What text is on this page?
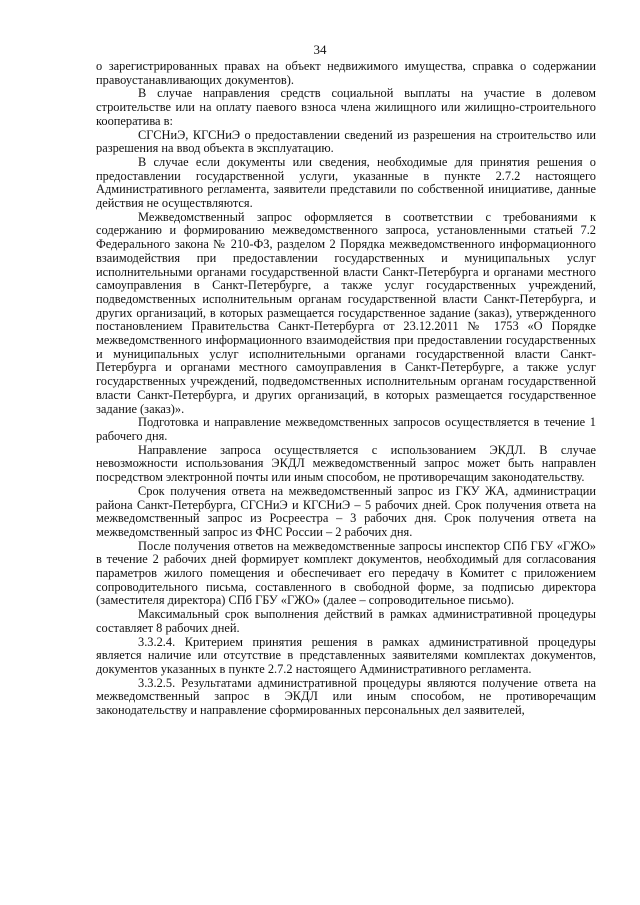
34

о зарегистрированных правах на объект недвижимого имущества, справка о содержании правоустанавливающих документов).

В случае направления средств социальной выплаты на участие в долевом строительстве или на оплату паевого взноса члена жилищного или жилищно-строительного кооператива в:

СГСНиЭ, КГСНиЭ о предоставлении сведений из разрешения на строительство или разрешения на ввод объекта в эксплуатацию.

В случае если документы или сведения, необходимые для принятия решения о предоставлении государственной услуги, указанные в пункте 2.7.2 настоящего Административного регламента, заявители представили по собственной инициативе, данные действия не осуществляются.

Межведомственный запрос оформляется в соответствии с требованиями к содержанию и формированию межведомственного запроса, установленными статьей 7.2 Федерального закона № 210-ФЗ, разделом 2 Порядка межведомственного информационного взаимодействия при предоставлении государственных и муниципальных услуг исполнительными органами государственной власти Санкт-Петербурга и органами местного самоуправления в Санкт-Петербурге, а также услуг государственных учреждений, подведомственных исполнительным органам государственной власти Санкт-Петербурга, и других организаций, в которых размещается государственное задание (заказ), утвержденного постановлением Правительства Санкт-Петербурга от 23.12.2011 № 1753 «О Порядке межведомственного информационного взаимодействия при предоставлении государственных и муниципальных услуг исполнительными органами государственной власти Санкт-Петербурга и органами местного самоуправления в Санкт-Петербурге, а также услуг государственных учреждений, подведомственных исполнительным органам государственной власти Санкт-Петербурга, и других организаций, в которых размещается государственное задание (заказ)».

Подготовка и направление межведомственных запросов осуществляется в течение 1 рабочего дня.

Направление запроса осуществляется с использованием ЭКДЛ. В случае невозможности использования ЭКДЛ межведомственный запрос может быть направлен посредством электронной почты или иным способом, не противоречащим законодательству.

Срок получения ответа на межведомственный запрос из ГКУ ЖА, администрации района Санкт-Петербурга, СГСНиЭ и КГСНиЭ – 5 рабочих дней. Срок получения ответа на межведомственный запрос из Росреестра – 3 рабочих дня. Срок получения ответа на межведомственный запрос из ФНС России – 2 рабочих дня.

После получения ответов на межведомственные запросы инспектор СПб ГБУ «ГЖО» в течение 2 рабочих дней формирует комплект документов, необходимый для согласования параметров жилого помещения и обеспечивает его передачу в Комитет с приложением сопроводительного письма, составленного в свободной форме, за подписью директора (заместителя директора) СПб ГБУ «ГЖО» (далее – сопроводительное письмо).

Максимальный срок выполнения действий в рамках административной процедуры составляет 8 рабочих дней.

3.3.2.4. Критерием принятия решения в рамках административной процедуры является наличие или отсутствие в представленных заявителями комплектах документов, документов указанных в пункте 2.7.2 настоящего Административного регламента.

3.3.2.5. Результатами административной процедуры являются получение ответа на межведомственный запрос в ЭКДЛ или иным способом, не противоречащим законодательству и направление сформированных персональных дел заявителей,
